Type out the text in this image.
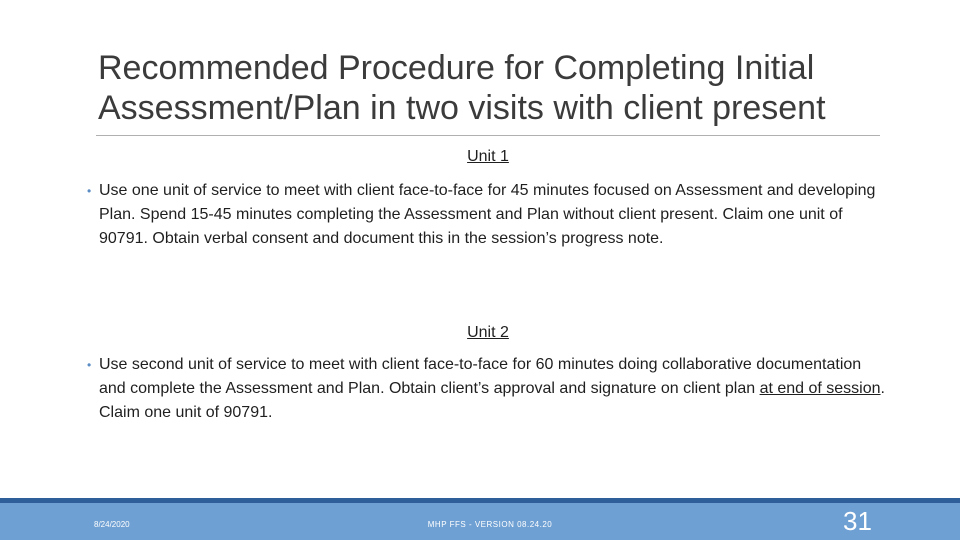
Recommended Procedure for Completing Initial
Assessment/Plan in two visits with client present
Unit 1

• Use one unit of service to meet with client face-to-face for 45 minutes focused on Assessment and developing Plan. Spend 15-45 minutes completing the Assessment and Plan without client present. Claim one unit of 90791. Obtain verbal consent and document this in the session’s progress note.

Unit 2

• Use second unit of service to meet with client face-to-face for 60 minutes doing collaborative documentation and complete the Assessment and Plan. Obtain client’s approval and signature on client plan at end of session. Claim one unit of 90791.

8/24/2020	MHP FFS - VERSION 08.24.20	31
